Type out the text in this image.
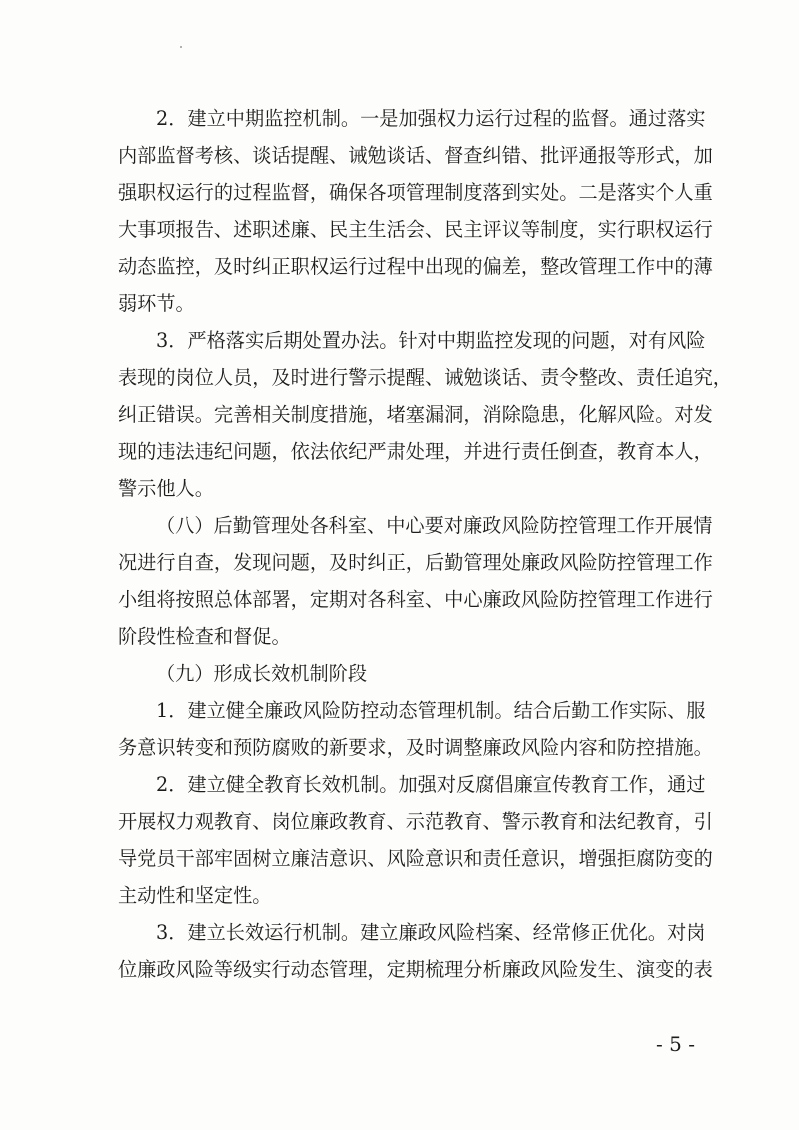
2．建立中期监控机制。一是加强权力运行过程的监督。通过落实
内部监督考核、谈话提醒、诫勉谈话、督查纠错、批评通报等形式，加
强职权运行的过程监督，确保各项管理制度落到实处。二是落实个人重
大事项报告、述职述廉、民主生活会、民主评议等制度，实行职权运行
动态监控，及时纠正职权运行过程中出现的偏差，整改管理工作中的薄
弱环节。
3．严格落实后期处置办法。针对中期监控发现的问题，对有风险
表现的岗位人员，及时进行警示提醒、诫勉谈话、责令整改、责任追究，
纠正错误。完善相关制度措施，堵塞漏洞，消除隐患，化解风险。对发
现的违法违纪问题，依法依纪严肃处理，并进行责任倒查，教育本人，
警示他人。
（八）后勤管理处各科室、中心要对廉政风险防控管理工作开展情
况进行自查，发现问题，及时纠正，后勤管理处廉政风险防控管理工作
小组将按照总体部署，定期对各科室、中心廉政风险防控管理工作进行
阶段性检查和督促。
（九）形成长效机制阶段
1．建立健全廉政风险防控动态管理机制。结合后勤工作实际、服
务意识转变和预防腐败的新要求，及时调整廉政风险内容和防控措施。
2．建立健全教育长效机制。加强对反腐倡廉宣传教育工作，通过
开展权力观教育、岗位廉政教育、示范教育、警示教育和法纪教育，引
导党员干部牢固树立廉洁意识、风险意识和责任意识，增强拒腐防变的
主动性和坚定性。
3．建立长效运行机制。建立廉政风险档案、经常修正优化。对岗
位廉政风险等级实行动态管理，定期梳理分析廉政风险发生、演变的表
- 5 -
